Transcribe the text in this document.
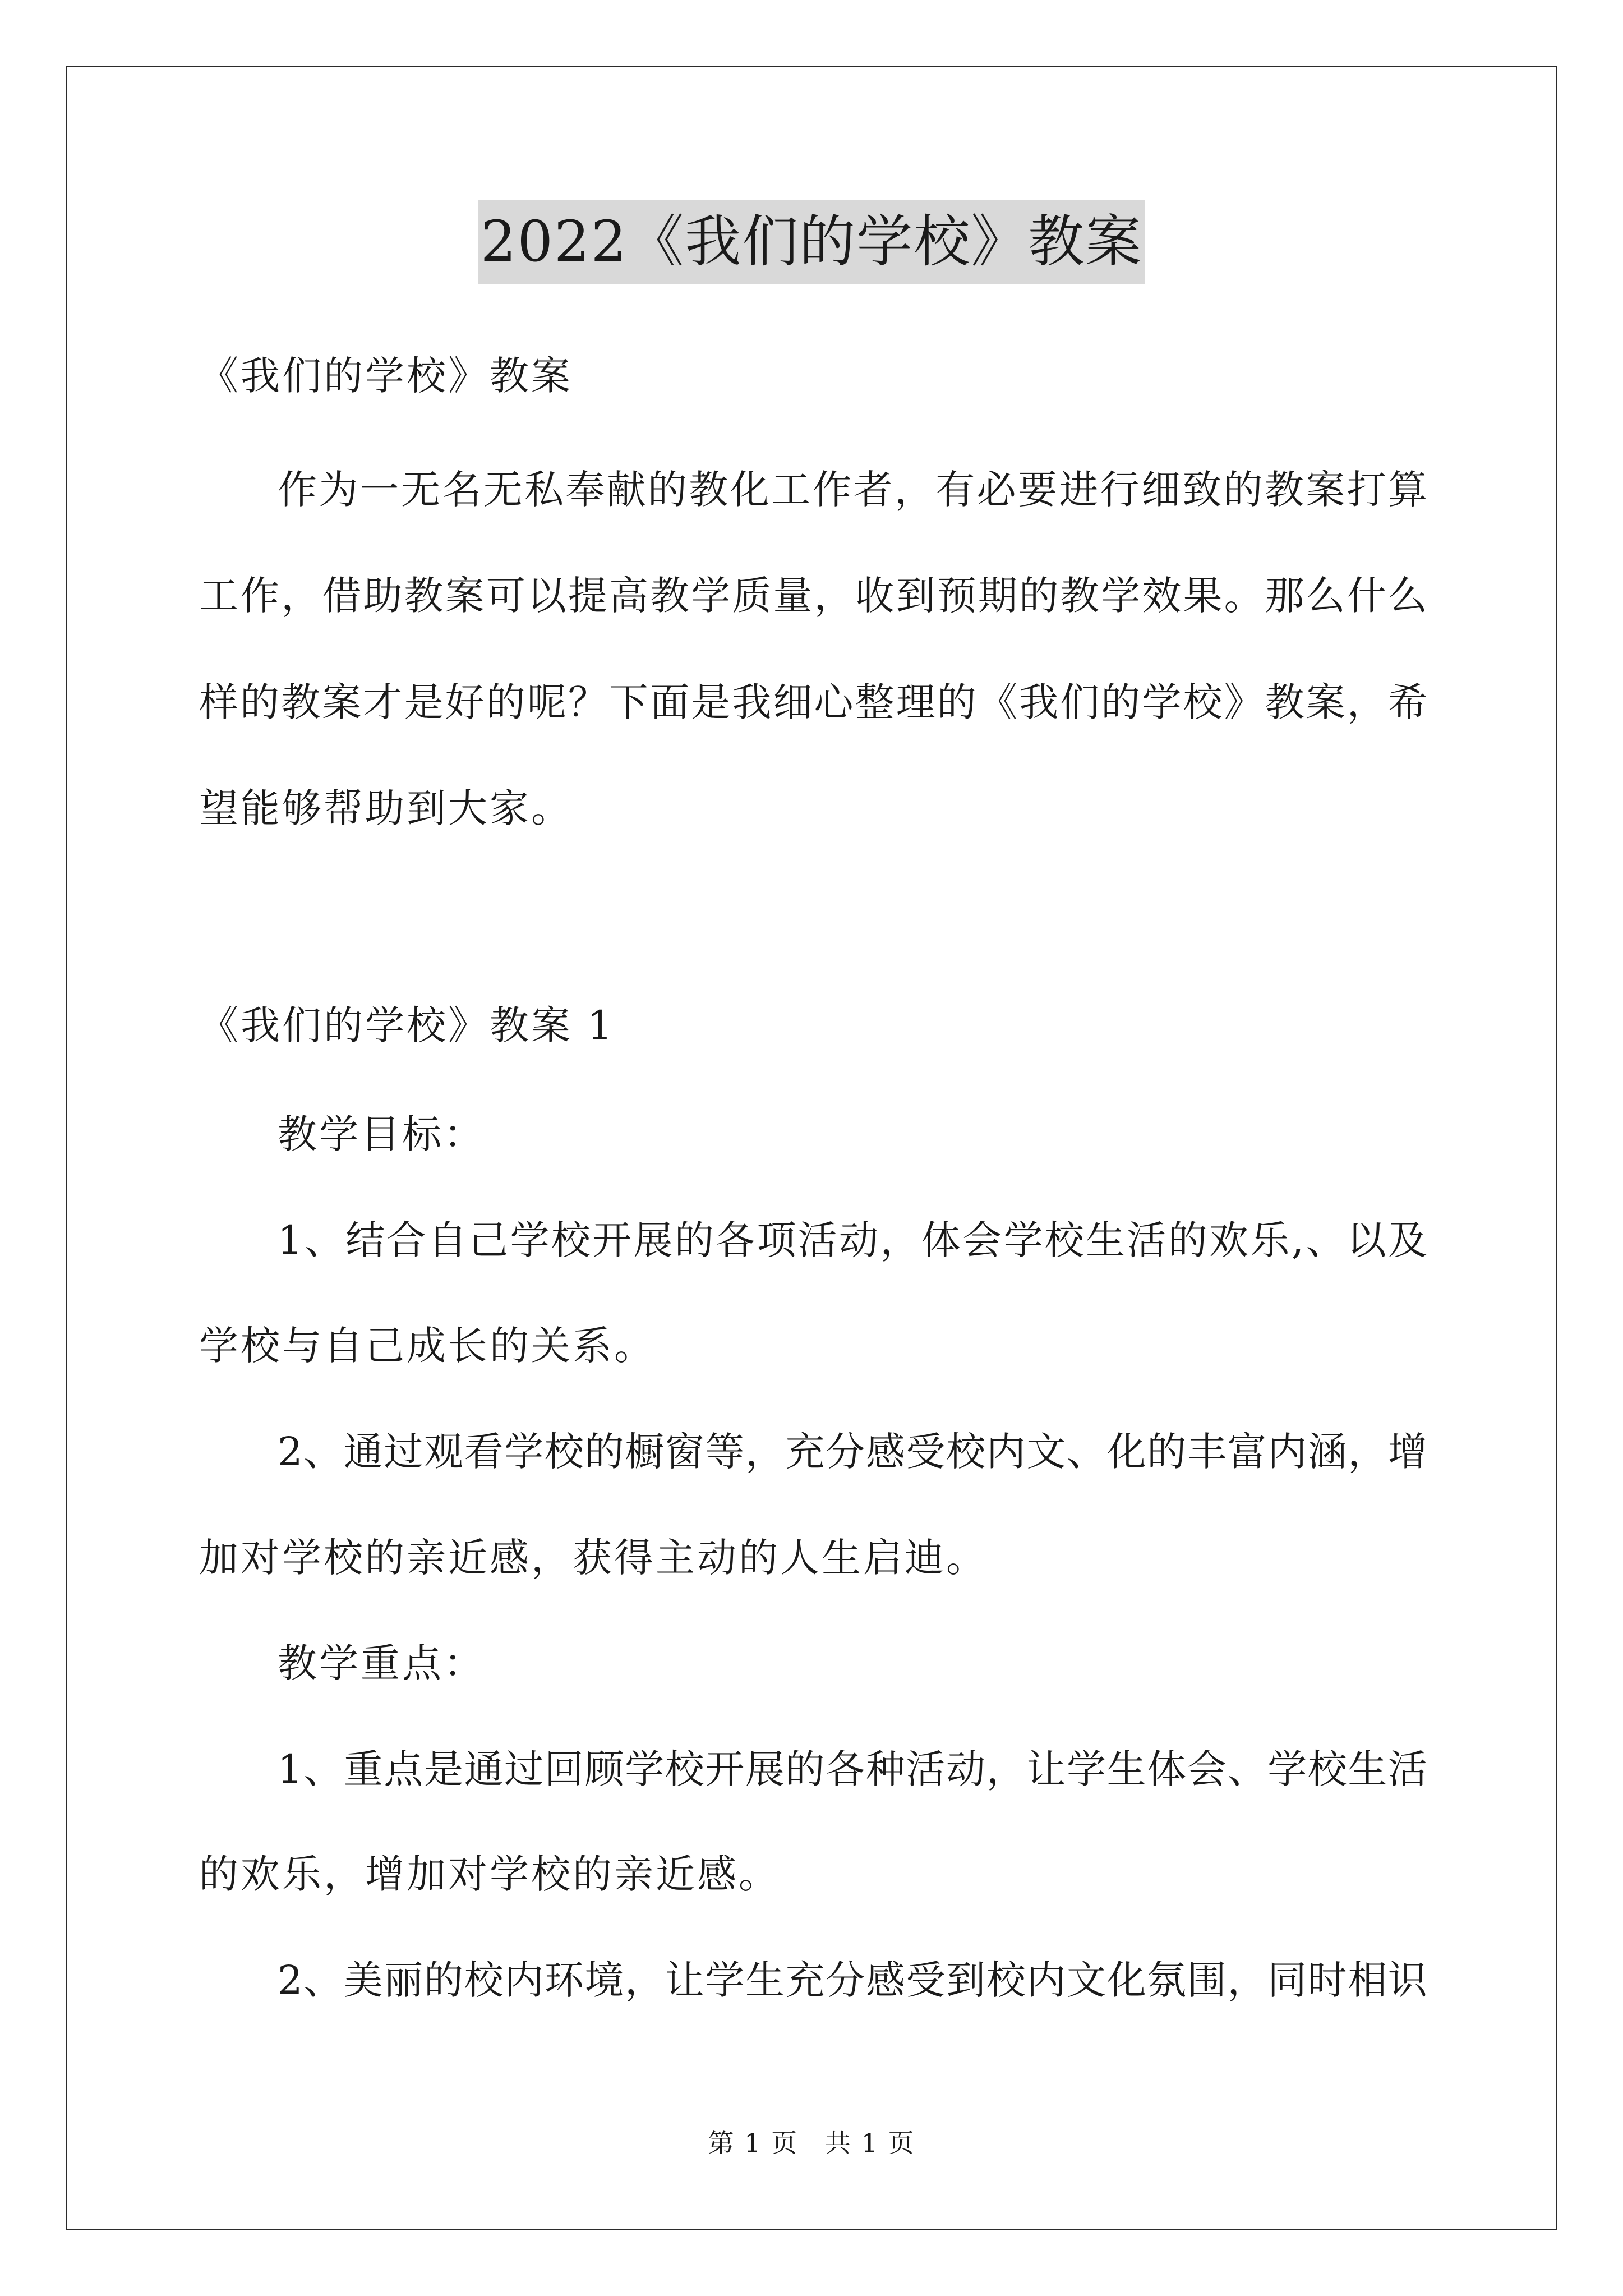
2022《我们的学校》教案
《我们的学校》教案
作为一无名无私奉献的教化工作者，有必要进行细致的教案打算
工作，借助教案可以提高教学质量，收到预期的教学效果。那么什么
样的教案才是好的呢？下面是我细心整理的《我们的学校》教案，希
望能够帮助到大家。
《我们的学校》教案 1
教学目标：
1、结合自己学校开展的各项活动，体会学校生活的欢乐,、以及
学校与自己成长的关系。
2、通过观看学校的橱窗等，充分感受校内文、化的丰富内涵，增
加对学校的亲近感，获得主动的人生启迪。
教学重点：
1、重点是通过回顾学校开展的各种活动，让学生体会、学校生活
的欢乐，增加对学校的亲近感。
2、美丽的校内环境，让学生充分感受到校内文化氛围，同时相识
第 1 页　共 1 页
